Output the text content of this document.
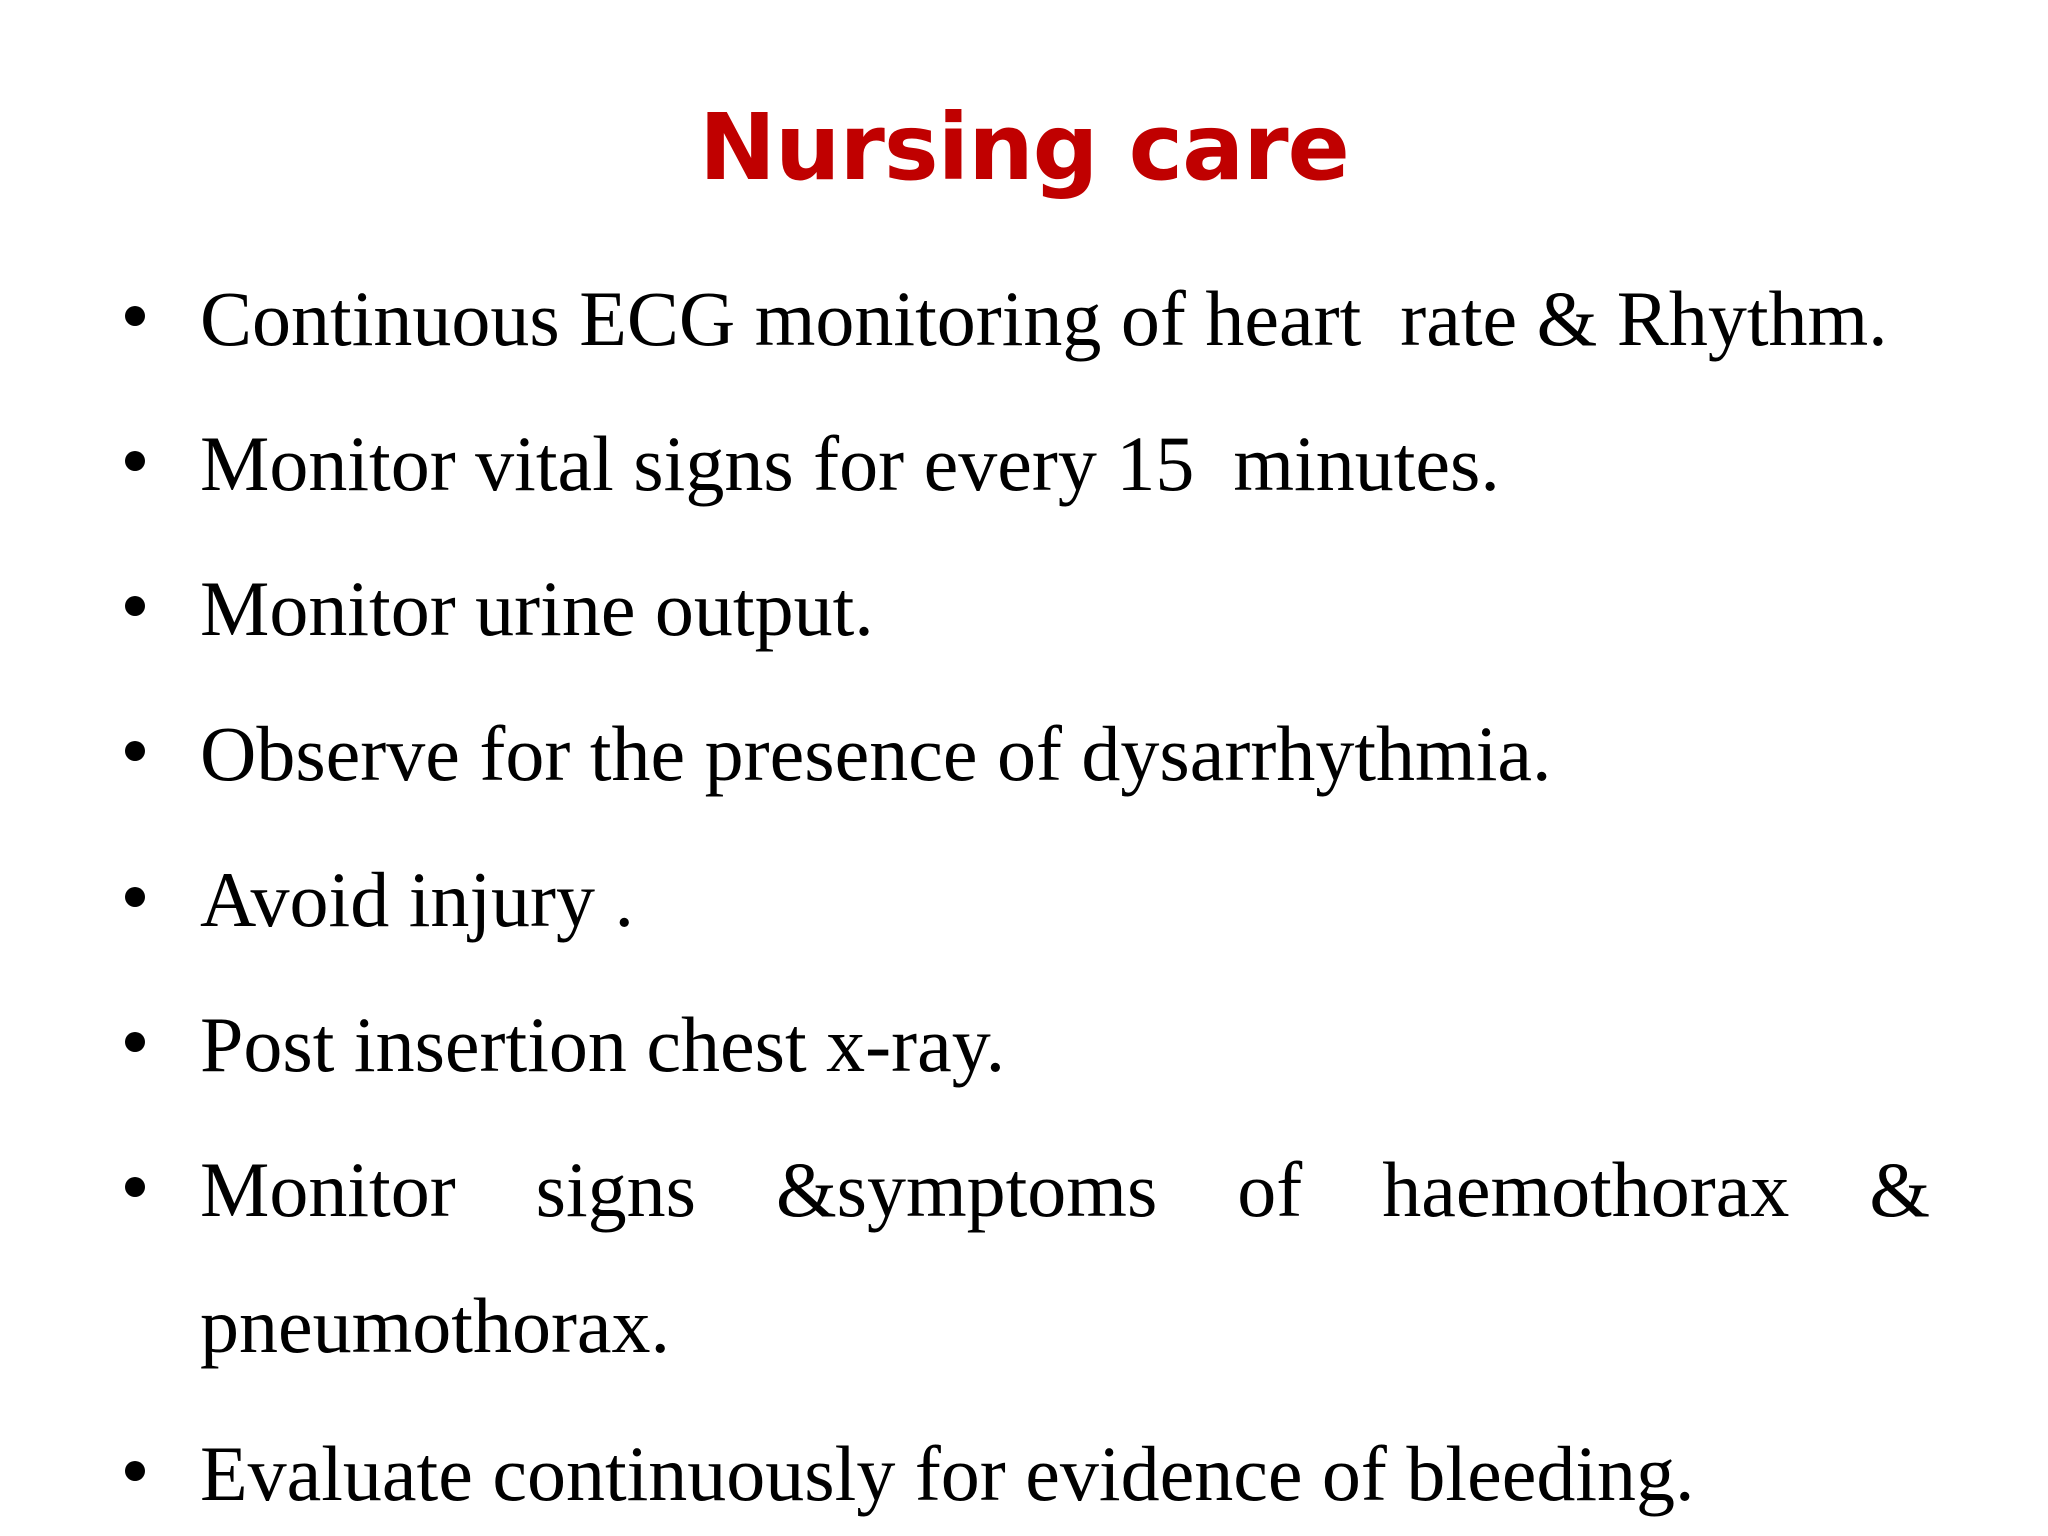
Nursing care
Continuous ECG monitoring of heart  rate & Rhythm.
Monitor vital signs for every 15  minutes.
Monitor urine output.
Observe for the presence of dysarrhythmia.
Avoid injury .
Post insertion chest x-ray.
Monitor signs &symptoms of haemothorax &
pneumothorax.
Evaluate continuously for evidence of bleeding.
